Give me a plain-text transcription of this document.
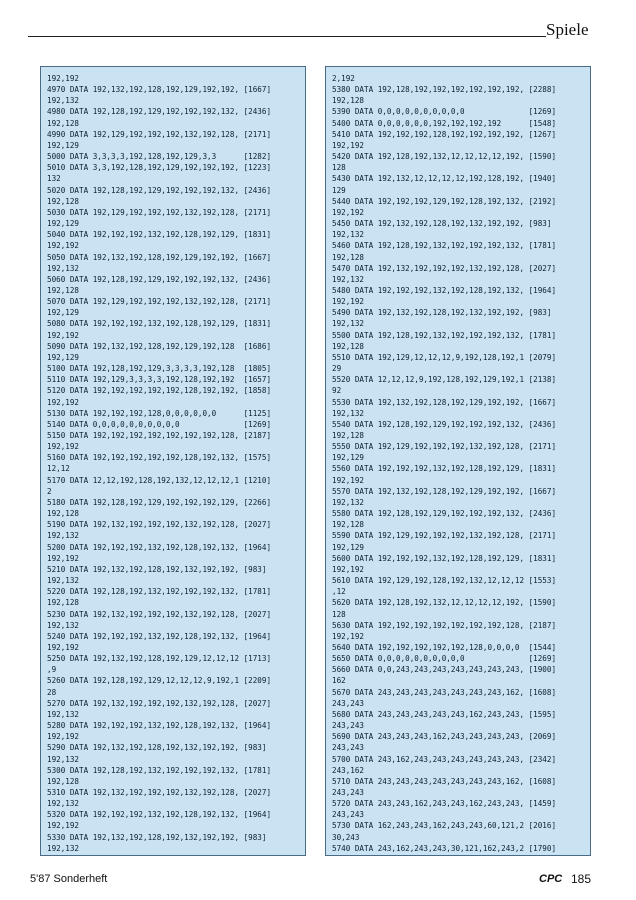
Spiele
192,192
4970 DATA 192,132,192,128,192,129,192,192, [1667]
192,132
4980 DATA 192,128,192,129,192,192,192,132, [2436]
192,128
4990 DATA 192,129,192,192,192,132,192,128, [2171]
192,129
5000 DATA 3,3,3,3,192,128,192,129,3,3      [1282]
5010 DATA 3,3,192,128,192,129,192,192,192, [1223]
132
5020 DATA 192,128,192,129,192,192,192,132, [2436]
192,128
5030 DATA 192,129,192,192,192,132,192,128, [2171]
192,129
5040 DATA 192,192,192,132,192,128,192,129, [1831]
192,192
5050 DATA 192,132,192,128,192,129,192,192, [1667]
192,132
5060 DATA 192,128,192,129,192,192,192,132, [2436]
192,128
5070 DATA 192,129,192,192,192,132,192,128, [2171]
192,129
5080 DATA 192,192,192,132,192,128,192,129, [1831]
192,192
5090 DATA 192,132,192,128,192,129,192,128  [1686]
192,129
5100 DATA 192,128,192,129,3,3,3,3,192,128  [1805]
5110 DATA 192,129,3,3,3,3,192,128,192,192  [1657]
5120 DATA 192,192,192,192,192,128,192,192, [1858]
192,192
5130 DATA 192,192,192,128,0,0,0,0,0,0      [1125]
5140 DATA 0,0,0,0,0,0,0,0,0,0              [1269]
5150 DATA 192,192,192,192,192,192,192,128, [2187]
192,192
5160 DATA 192,192,192,192,192,128,192,132, [1575]
12,12
5170 DATA 12,12,192,128,192,132,12,12,12,1 [1210]
2
5180 DATA 192,128,192,129,192,192,192,129, [2266]
192,128
5190 DATA 192,132,192,192,192,132,192,128, [2027]
192,132
5200 DATA 192,192,192,132,192,128,192,132, [1964]
192,192
5210 DATA 192,132,192,128,192,132,192,192, [983]
192,132
5220 DATA 192,128,192,132,192,192,192,132, [1781]
192,128
5230 DATA 192,132,192,192,192,132,192,128, [2027]
192,132
5240 DATA 192,192,192,132,192,128,192,132, [1964]
192,192
5250 DATA 192,132,192,128,192,129,12,12,12 [1713]
,9
5260 DATA 192,128,192,129,12,12,12,9,192,1 [2209]
28
5270 DATA 192,132,192,192,192,132,192,128, [2027]
192,132
5280 DATA 192,192,192,132,192,128,192,132, [1964]
192,192
5290 DATA 192,132,192,128,192,132,192,192, [983]
192,132
5300 DATA 192,128,192,132,192,192,192,132, [1781]
192,128
5310 DATA 192,132,192,192,192,132,192,128, [2027]
192,132
5320 DATA 192,192,192,132,192,128,192,132, [1964]
192,192
5330 DATA 192,132,192,128,192,132,192,192, [983]
192,132
2,192
5380 DATA 192,128,192,192,192,192,192,192, [2288]
192,128
5390 DATA 0,0,0,0,0,0,0,0,0,0              [1269]
5400 DATA 0,0,0,0,0,0,192,192,192,192      [1548]
5410 DATA 192,192,192,128,192,192,192,192, [1267]
192,192
5420 DATA 192,128,192,132,12,12,12,12,192, [1590]
128
5430 DATA 192,132,12,12,12,12,192,128,192, [1940]
129
5440 DATA 192,192,192,129,192,128,192,132, [2192]
192,192
5450 DATA 192,132,192,128,192,132,192,192, [983]
192,132
5460 DATA 192,128,192,132,192,192,192,132, [1781]
192,128
5470 DATA 192,132,192,192,192,132,192,128, [2027]
192,132
5480 DATA 192,192,192,132,192,128,192,132, [1964]
192,192
5490 DATA 192,132,192,128,192,132,192,192, [983]
192,132
5500 DATA 192,128,192,132,192,192,192,132, [1781]
192,128
5510 DATA 192,129,12,12,12,9,192,128,192,1 [2079]
29
5520 DATA 12,12,12,9,192,128,192,129,192,1 [2138]
92
5530 DATA 192,132,192,128,192,129,192,192, [1667]
192,132
5540 DATA 192,128,192,129,192,192,192,132, [2436]
192,128
5550 DATA 192,129,192,192,192,132,192,128, [2171]
192,129
5560 DATA 192,192,192,132,192,128,192,129, [1831]
192,192
5570 DATA 192,132,192,128,192,129,192,192, [1667]
192,132
5580 DATA 192,128,192,129,192,192,192,132, [2436]
192,128
5590 DATA 192,129,192,192,192,132,192,128, [2171]
192,129
5600 DATA 192,192,192,132,192,128,192,129, [1831]
192,192
5610 DATA 192,129,192,128,192,132,12,12,12 [1553]
,12
5620 DATA 192,128,192,132,12,12,12,12,192, [1590]
128
5630 DATA 192,192,192,192,192,192,192,128, [2187]
192,192
5640 DATA 192,192,192,192,192,128,0,0,0,0  [1544]
5650 DATA 0,0,0,0,0,0,0,0,0,0              [1269]
5660 DATA 0,0,243,243,243,243,243,243,243, [1900]
162
5670 DATA 243,243,243,243,243,243,243,162, [1608]
243,243
5680 DATA 243,243,243,243,243,162,243,243, [1595]
243,243
5690 DATA 243,243,243,162,243,243,243,243, [2069]
243,243
5700 DATA 243,162,243,243,243,243,243,243, [2342]
243,162
5710 DATA 243,243,243,243,243,243,243,162, [1608]
243,243
5720 DATA 243,243,162,243,243,162,243,243, [1459]
243,243
5730 DATA 162,243,243,162,243,243,60,121,2 [2016]
30,243
5740 DATA 243,162,243,243,30,121,162,243,2 [1790]
5'87 Sonderheft	CPC 185
